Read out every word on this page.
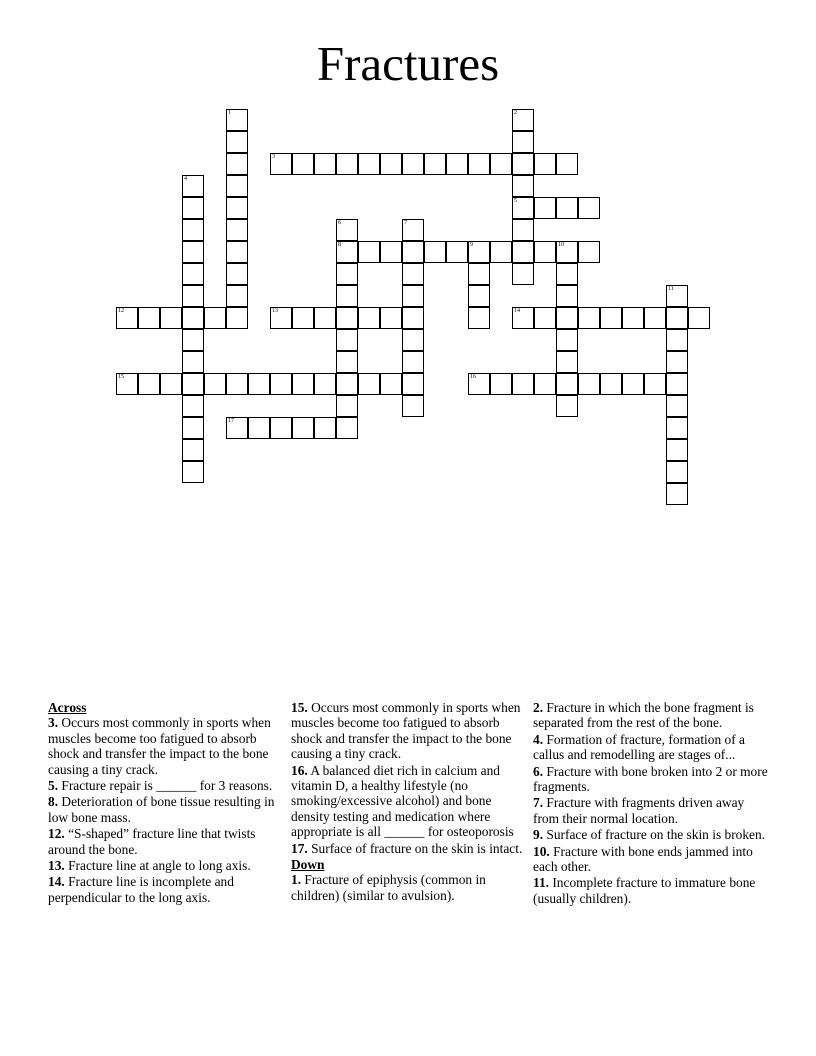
Fractures
1	2
5
3
4
6
8
7
9	10
11
12	13	14
15	16
17
Across
3. Occurs most commonly in sports when muscles become too fatigued to absorb shock and transfer the impact to the bone causing a tiny crack.
5. Fracture repair is ______ for 3 reasons.
8. Deterioration of bone tissue resulting in low bone mass.
12. “S-shaped” fracture line that twists around the bone.
13. Fracture line at angle to long axis.
14. Fracture line is incomplete and perpendicular to the long axis.
15. Occurs most commonly in sports when muscles become too fatigued to absorb shock and transfer the impact to the bone causing a tiny crack.
16. A balanced diet rich in calcium and vitamin D, a healthy lifestyle (no smoking/excessive alcohol) and bone density testing and medication where appropriate is all ______ for osteoporosis
17. Surface of fracture on the skin is intact.
Down
1. Fracture of epiphysis (common in children) (similar to avulsion).
2. Fracture in which the bone fragment is separated from the rest of the bone.
4. Formation of fracture, formation of a callus and remodelling are stages of...
6. Fracture with bone broken into 2 or more fragments.
7. Fracture with fragments driven away from their normal location.
9. Surface of fracture on the skin is broken.
10. Fracture with bone ends jammed into each other.
11. Incomplete fracture to immature bone (usually children).
